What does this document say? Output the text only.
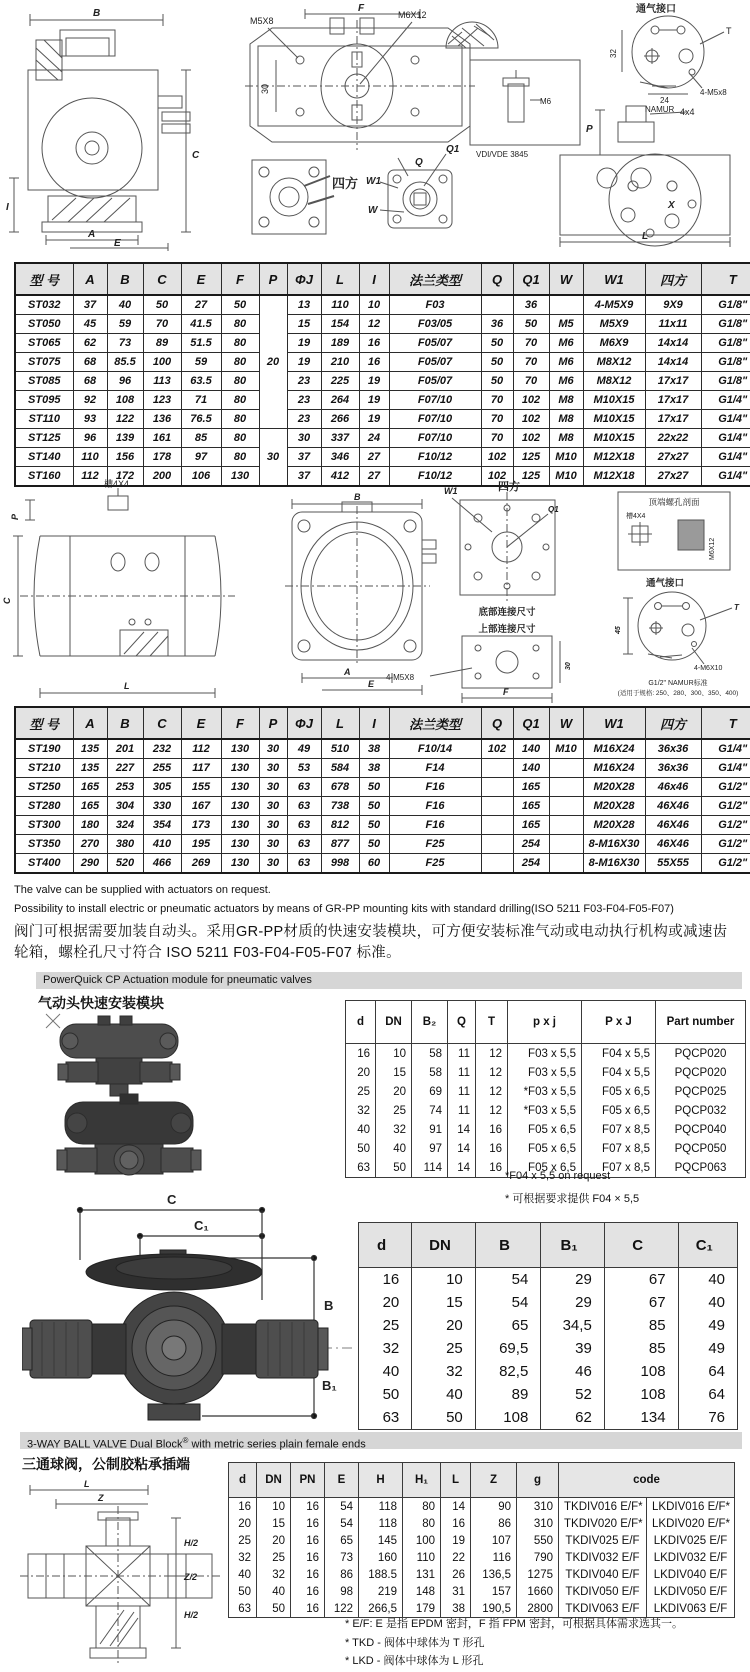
B
C
I
A
E
F
P
X
L
Q
Q1
W1
W
M5X8
M6X12
30
4x4
M6
VDI/VDE 3845
32
24
4-M5x8
NAMUR
T
通气接口
四方
型 号	A	B	C	E	F	P	ΦJ	L	I	法兰类型	Q	Q1	W	W1	四方	T
ST032	37	40	50	27	50	20	13	110	10	F03		36		4-M5X9	9X9	G1/8"
ST050	45	59	70	41.5	80		15	154	12	F03/05	36	50	M5	M5X9	11x11	G1/8"
ST065	62	73	89	51.5	80		19	189	16	F05/07	50	70	M6	M6X9	14x14	G1/8"
ST075	68	85.5	100	59	80		19	210	16	F05/07	50	70	M6	M8X12	14x14	G1/8"
ST085	68	96	113	63.5	80		23	225	19	F05/07	50	70	M6	M8X12	17x17	G1/8"
ST095	92	108	123	71	80		23	264	19	F07/10	70	102	M8	M10X15	17x17	G1/4"
ST110	93	122	136	76.5	80		23	266	19	F07/10	70	102	M8	M10X15	17x17	G1/4"
ST125	96	139	161	85	80	30	30	337	24	F07/10	70	102	M8	M10X15	22x22	G1/4"
ST140	110	156	178	97	80		37	346	27	F10/12	102	125	M10	M12X18	27x27	G1/4"
ST160	112	172	200	106	130		37	412	27	F10/12	102	125	M10	M12X18	27x27	G1/4"
P
C
L
B
A
E
F
30
W1
Q1
T
45
槽4X4	四方
底部连接尺寸
上部连接尺寸
4-M5X8
顶端螺孔剖面
槽4X4
M6X12
通气接口
4-M6X10
G1/2" NAMUR标准
(适用于规格: 250、280、300、350、400)
型 号	A	B	C	E	F	P	ΦJ	L	I	法兰类型	Q	Q1	W	W1	四方	T
ST190	135	201	232	112	130	30	49	510	38	F10/14	102	140	M10	M16X24	36x36	G1/4"
ST210	135	227	255	117	130	30	53	584	38	F14		140		M16X24	36x36	G1/4"
ST250	165	253	305	155	130	30	63	678	50	F16		165		M20X28	46x46	G1/2"
ST280	165	304	330	167	130	30	63	738	50	F16		165		M20X28	46X46	G1/2"
ST300	180	324	354	173	130	30	63	812	50	F16		165		M20X28	46X46	G1/2"
ST350	270	380	410	195	130	30	63	877	50	F25		254		8-M16X30	46X46	G1/2"
ST400	290	520	466	269	130	30	63	998	60	F25		254		8-M16X30	55X55	G1/2"
The valve can be supplied with actuators on request.
Possibility to install electric or pneumatic actuators by means of GR-PP mounting kits with standard drilling(ISO 5211 F03-F04-F05-F07)
阀门可根据需要加装自动头。采用GR-PP材质的快速安装模块，可方便安装标准气动或电动执行机构或减速齿
轮箱，螺栓孔尺寸符合 ISO 5211 F03-F04-F05-F07 标准。
PowerQuick CP Actuation module for pneumatic valves
气动头快速安装模块
d	DN	B₂	Q	T	p x j	P x J	Part number
16	10	58	11	12	F03 x 5,5	F04 x 5,5	PQCP020
20	15	58	11	12	F03 x 5,5	F04 x 5,5	PQCP020
25	20	69	11	12	*F03 x 5,5	F05 x 6,5	PQCP025
32	25	74	11	12	*F03 x 5,5	F05 x 6,5	PQCP032
40	32	91	14	16	F05 x 6,5	F07 x 8,5	PQCP040
50	40	97	14	16	F05 x 6,5	F07 x 8,5	PQCP050
63	50	114	14	16	F05 x 6,5	F07 x 8,5	PQCP063
*F04 x 5,5 on request
* 可根据要求提供 F04 × 5,5
C
C₁
B
B₁
d	DN	B	B₁	C	C₁
16	10	54	29	67	40
20	15	54	29	67	40
25	20	65	34,5	85	49
32	25	69,5	39	85	49
40	32	82,5	46	108	64
50	40	89	52	108	64
63	50	108	62	134	76
3-WAY BALL VALVE Dual Block® with metric series plain female ends
三通球阀，公制胶粘承插端
L
Z
H/2
Z/2
H/2
d	DN	PN	E	H	H₁	L	Z	g	code	
16	10	16	54	118	80	14	90	310	TKDIV016 E/F*	LKDIV016 E/F*
20	15	16	54	118	80	16	86	310	TKDIV020 E/F*	LKDIV020 E/F*
25	20	16	65	145	100	19	107	550	TKDIV025 E/F	LKDIV025 E/F
32	25	16	73	160	110	22	116	790	TKDIV032 E/F	LKDIV032 E/F
40	32	16	86	188.5	131	26	136,5	1275	TKDIV040 E/F	LKDIV040 E/F
50	40	16	98	219	148	31	157	1660	TKDIV050 E/F	LKDIV050 E/F
63	50	16	122	266,5	179	38	190,5	2800	TKDIV063 E/F	LKDIV063 E/F
* E/F: E 是指 EPDM 密封，F 指 FPM 密封，可根据具体需求选其一。
* TKD - 阀体中球体为 T 形孔
* LKD - 阀体中球体为 L 形孔
